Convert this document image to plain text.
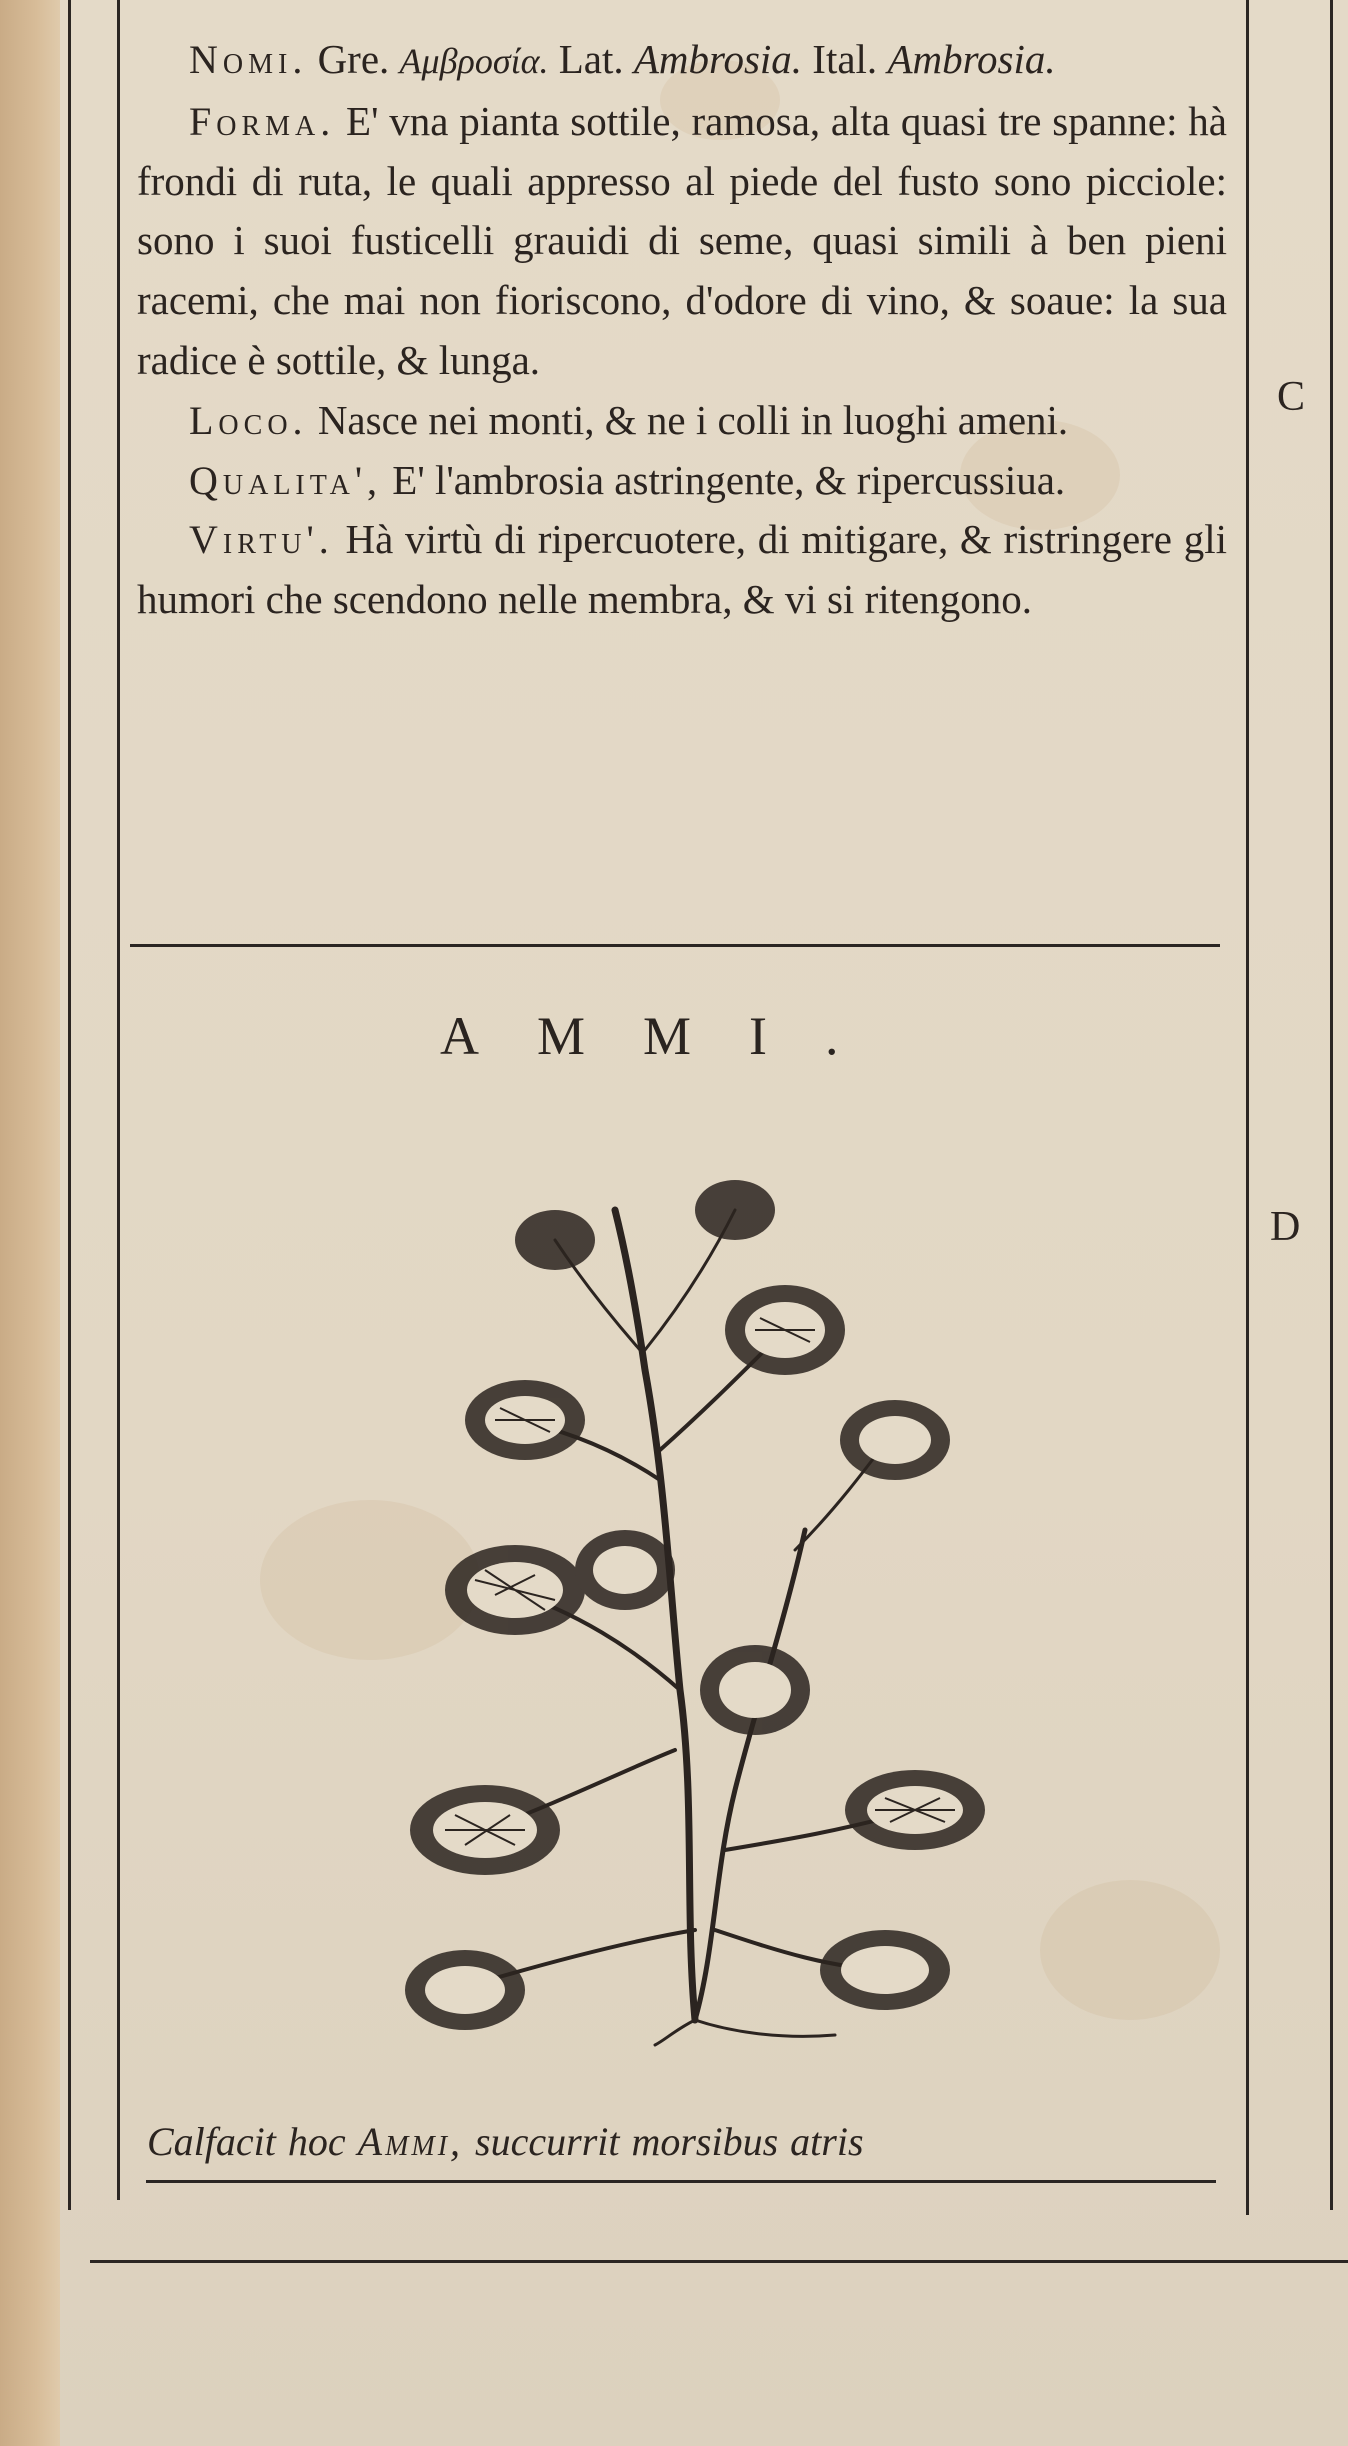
Nomi. Gre. Αμβροσία. Lat. Ambrosia. Ital. Ambrosia.

Forma. E' vna pianta sottile, ramosa, alta quasi tre spanne: hà frondi di ruta, le quali appresso al piede del fusto sono picciole: sono i suoi fusticelli grauidi di seme, quasi simili à ben pieni racemi, che mai non fioriscono, d'odore di vino, & soaue: la sua radice è sottile, & lunga.

Loco. Nasce nei monti, & ne i colli in luoghi ameni.

Qualita', E' l'ambrosia astringente, & ripercussiua.

Virtu'. Hà virtù di ripercuotere, di mitigare, & ristringere gli humori che scendono nelle membra, & vi si ritengono.

C
D
AMMI.
Calfacit hoc Ammi, succurrit morsibus atris
